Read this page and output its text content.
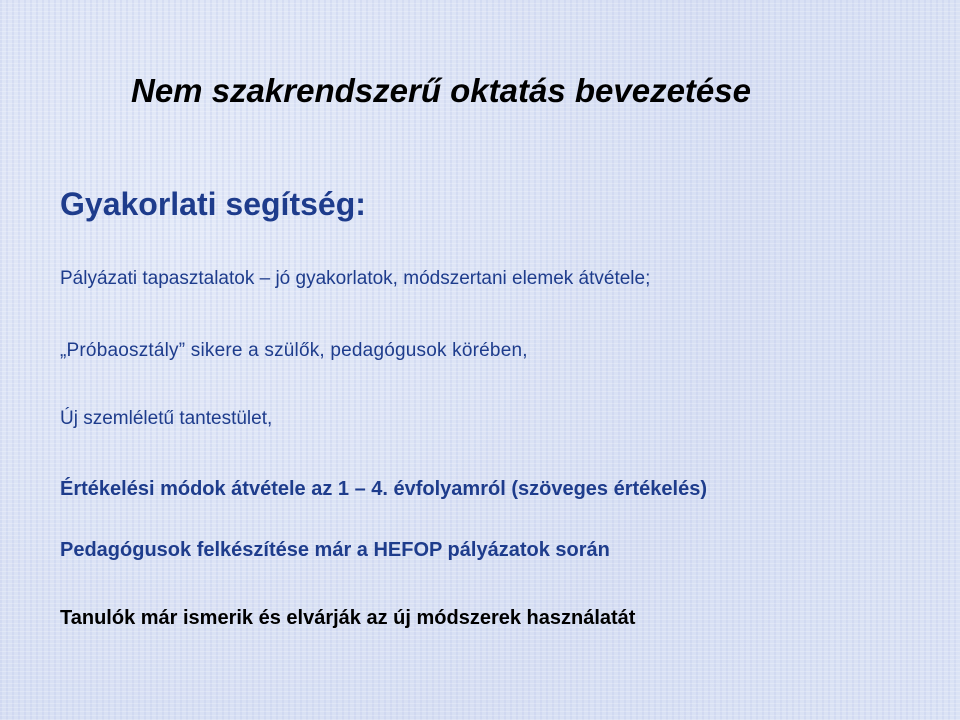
Nem szakrendszerű oktatás bevezetése
Gyakorlati segítség:

Pályázati tapasztalatok – jó gyakorlatok, módszertani elemek átvétele;

„Próbaosztály” sikere a szülők, pedagógusok körében,

Új szemléletű tantestület,

Értékelési módok átvétele az 1 – 4. évfolyamról (szöveges értékelés)

Pedagógusok felkészítése már a HEFOP pályázatok során

Tanulók már ismerik és elvárják az új módszerek használatát
